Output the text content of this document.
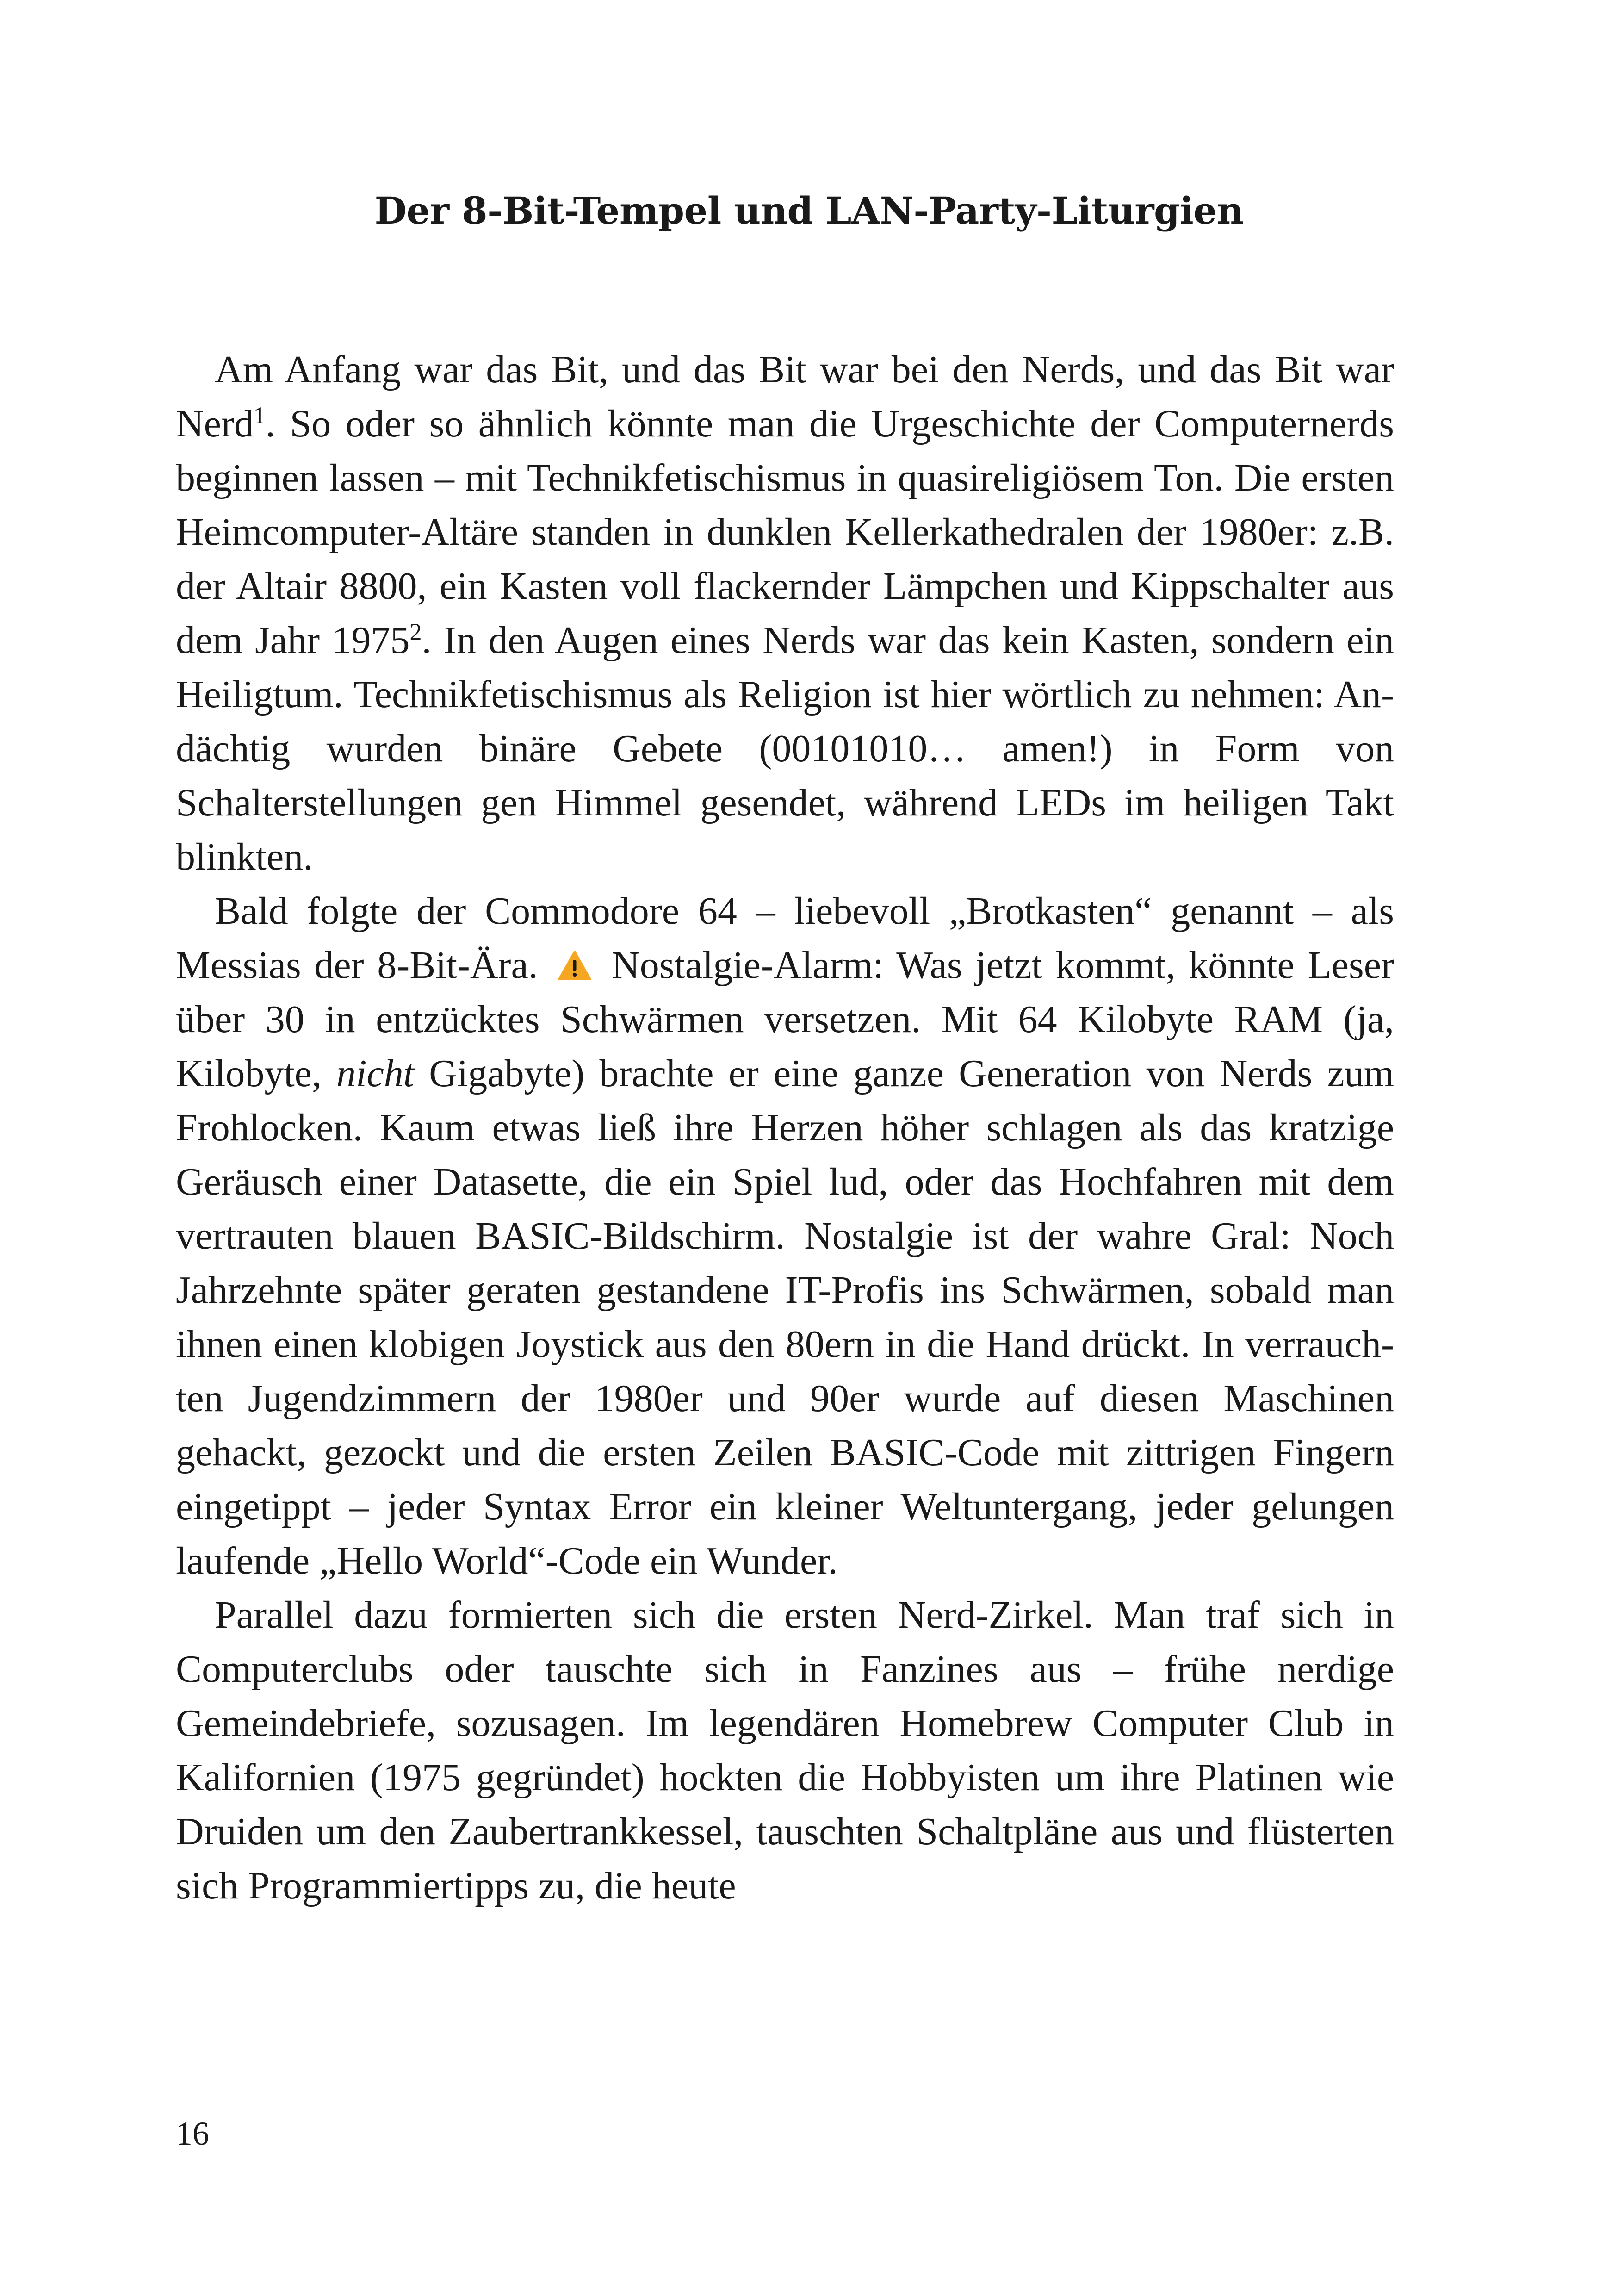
Der 8-Bit-Tempel und LAN-Party-Liturgien

Am Anfang war das Bit, und das Bit war bei den Nerds, und das Bit war Nerd$^1$. So oder so ähnlich könnte man die Urgeschichte der Computernerds beginnen lassen – mit Technikfetischismus in quasireligiösem Ton. Die ersten Heimcomputer-Altäre standen in dunklen Kellerkathedralen der 1980er: z.B. der Altair 8800, ein Kasten voll flackernder Lämpchen und Kippschalter aus dem Jahr 1975$^2$. In den Augen eines Nerds war das kein Kasten, sondern ein Heiligtum. Technikfetischismus als Religion ist hier wörtlich zu nehmen: Andächtig wurden binäre Gebete (00101010… amen!) in Form von Schalterstellungen gen Himmel gesendet, während LEDs im heiligen Takt blinkten.

Bald folgte der Commodore 64 – liebevoll „Brotkasten“ genannt – als Messias der 8-Bit-Ära. Nostalgie-Alarm: Was jetzt kommt, könnte Leser über 30 in entzücktes Schwärmen versetzen. Mit 64 Kilobyte RAM (ja, Kilobyte, nicht Gigabyte) brachte er eine ganze Generation von Nerds zum Frohlocken. Kaum etwas ließ ihre Herzen höher schlagen als das kratzige Geräusch einer Datasette, die ein Spiel lud, oder das Hochfahren mit dem vertrauten blauen BASIC-Bildschirm. Nostalgie ist der wahre Gral: Noch Jahrzehnte später geraten gestandene IT-Profis ins Schwärmen, sobald man ihnen einen klobigen Joystick aus den 80ern in die Hand drückt. In verrauchten Jugendzimmern der 1980er und 90er wurde auf diesen Maschinen gehackt, gezockt und die ersten Zeilen BASIC-Code mit zittrigen Fingern eingetippt – jeder Syntax Error ein kleiner Weltuntergang, jeder gelungen laufende „Hello World“-Code ein Wunder.

Parallel dazu formierten sich die ersten Nerd-Zirkel. Man traf sich in Computerclubs oder tauschte sich in Fanzines aus – frühe nerdige Gemeindebriefe, sozusagen. Im legendären Homebrew Computer Club in Kalifornien (1975 gegründet) hockten die Hobbyisten um ihre Platinen wie Druiden um den Zaubertrankkessel, tauschten Schaltpläne aus und flüsterten sich Programmiertipps zu, die heute

16
